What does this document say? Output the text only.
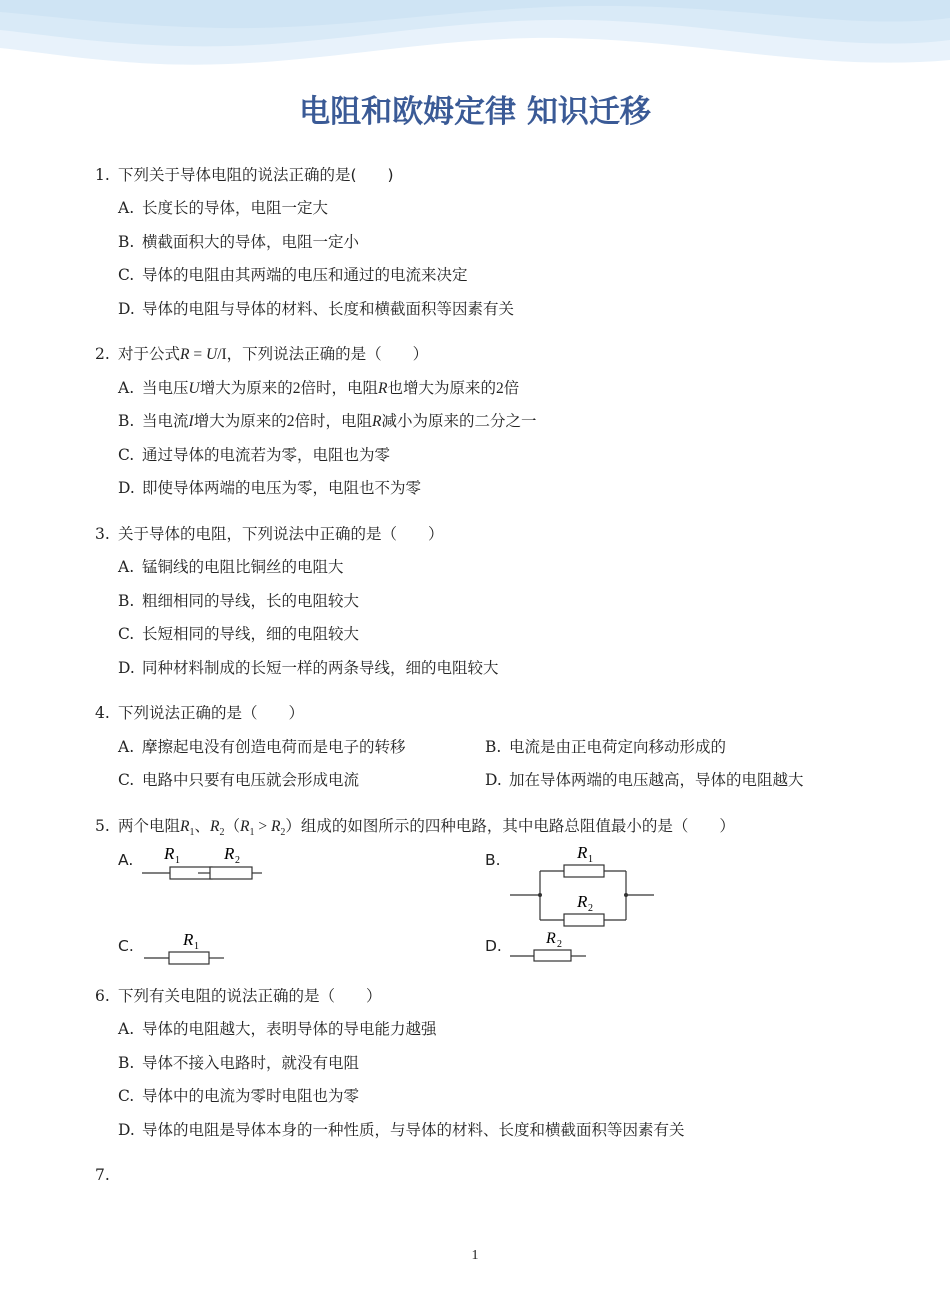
电阻和欧姆定律 知识迁移
1. 下列关于导体电阻的说法正确的是(　　)
A. 长度长的导体，电阻一定大
B. 横截面积大的导体，电阻一定小
C. 导体的电阻由其两端的电压和通过的电流来决定
D. 导体的电阻与导体的材料、长度和横截面积等因素有关
2. 对于公式R = U/I，下列说法正确的是（　　）
A. 当电压U增大为原来的2倍时，电阻R也增大为原来的2倍
B. 当电流I增大为原来的2倍时，电阻R减小为原来的二分之一
C. 通过导体的电流若为零，电阻也为零
D. 即使导体两端的电压为零，电阻也不为零
3. 关于导体的电阻，下列说法中正确的是（　　）
A. 锰铜线的电阻比铜丝的电阻大
B. 粗细相同的导线，长的电阻较大
C. 长短相同的导线，细的电阻较大
D. 同种材料制成的长短一样的两条导线，细的电阻较大
4. 下列说法正确的是（　　）
A. 摩擦起电没有创造电荷而是电子的转移	B. 电流是由正电荷定向移动形成的
C. 电路中只要有电压就会形成电流	D. 加在导体两端的电压越高，导体的电阻越大
5. 两个电阻$R_1$、$R_2(R_1 > R_2)$组成的如图所示的四种电路，其中电路总阻值最小的是（　　）
A. R 1	R 2	B.	R 1
R 2
C.	R 1	D.	R 2
6. 下列有关电阻的说法正确的是（　　）
A. 导体的电阻越大，表明导体的导电能力越强
B. 导体不接入电路时，就没有电阻
C. 导体中的电流为零时电阻也为零
D. 导体的电阻是导体本身的一种性质，与导体的材料、长度和横截面积等因素有关
7.
1
